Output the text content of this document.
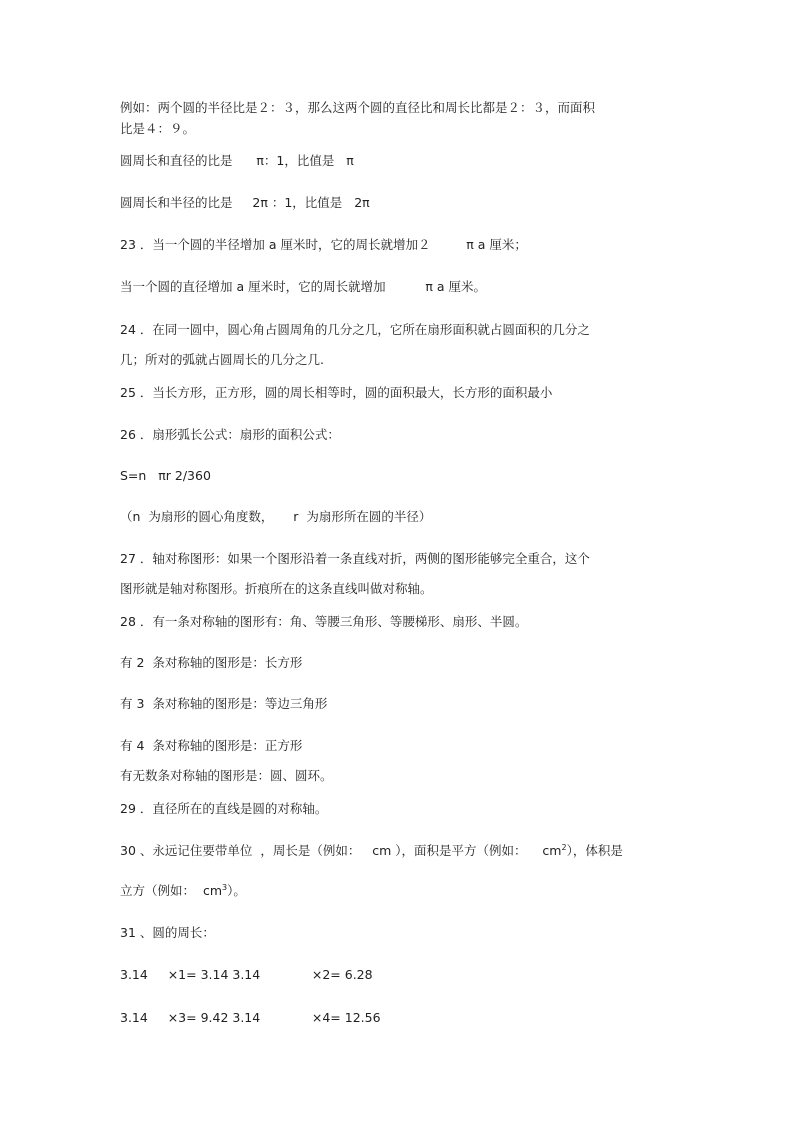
例如：两个圆的半径比是２：３，那么这两个圆的直径比和周长比都是２：３，而面积
比是４：９。
圆周长和直径的比是      π：1，比值是   π
圆周长和半径的比是     2π ：1，比值是   2π
23 ．当一个圆的半径增加 a 厘米时，它的周长就增加２         π a 厘米；
当一个圆的直径增加 a 厘米时，它的周长就增加          π a 厘米。
24 ．在同一圆中，圆心角占圆周角的几分之几，它所在扇形面积就占圆面积的几分之
几；所对的弧就占圆周长的几分之几.
25 ．当长方形，正方形，圆的周长相等时，圆的面积最大，长方形的面积最小
26 ．扇形弧长公式：扇形的面积公式：
S=n   πr 2/360
（n  为扇形的圆心角度数，     r  为扇形所在圆的半径）
27 ．轴对称图形：如果一个图形沿着一条直线对折，两侧的图形能够完全重合，这个
图形就是轴对称图形。折痕所在的这条直线叫做对称轴。
28 ．有一条对称轴的图形有：角、等腰三角形、等腰梯形、扇形、半圆。
有 2  条对称轴的图形是：长方形
有 3  条对称轴的图形是：等边三角形
有 4  条对称轴的图形是：正方形
有无数条对称轴的图形是：圆、圆环。
29 ．直径所在的直线是圆的对称轴。
30 、永远记住要带单位  ，周长是（例如：   cm ），面积是平方（例如：    $cm^2$），体积是
立方（例如：  $cm^3$）。
31 、圆的周长：
3.14     ×1= 3.14 3.14             ×2= 6.28
3.14     ×3= 9.42 3.14             ×4= 12.56
